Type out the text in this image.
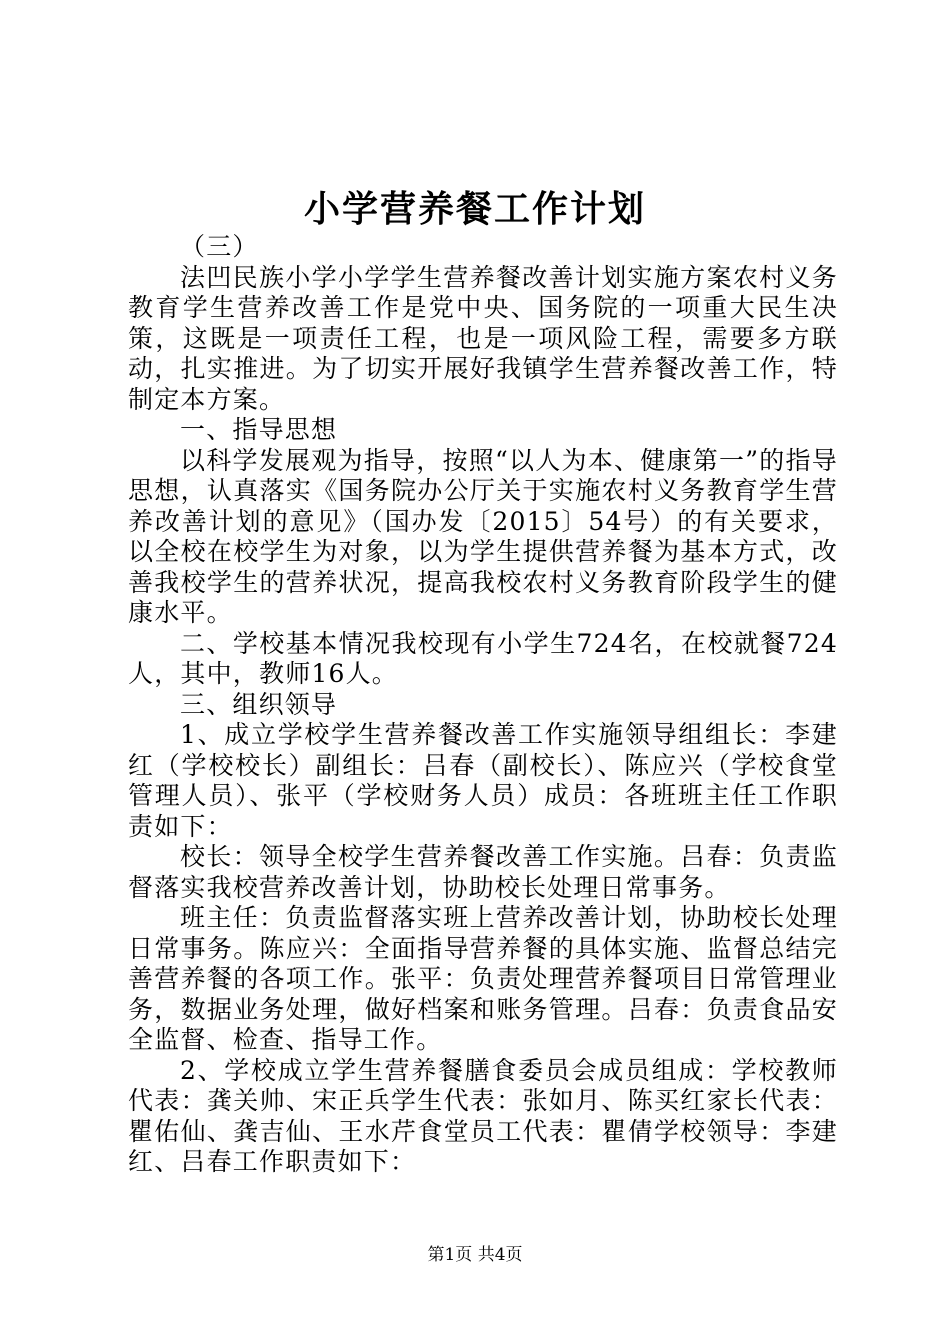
小学营养餐工作计划

（三）

法凹民族小学小学学生营养餐改善计划实施方案农村义务教育学生营养改善工作是党中央、国务院的一项重大民生决策，这既是一项责任工程，也是一项风险工程，需要多方联动，扎实推进。为了切实开展好我镇学生营养餐改善工作，特制定本方案。

一、指导思想

以科学发展观为指导，按照“以人为本、健康第一”的指导思想，认真落实《国务院办公厅关于实施农村义务教育学生营养改善计划的意见》（国办发〔2015〕54号）的有关要求，以全校在校学生为对象，以为学生提供营养餐为基本方式，改善我校学生的营养状况，提高我校农村义务教育阶段学生的健康水平。

二、学校基本情况我校现有小学生724名，在校就餐724人，其中，教师16人。

三、组织领导

1、成立学校学生营养餐改善工作实施领导组组长：李建红（学校校长）副组长：吕春（副校长）、陈应兴（学校食堂管理人员）、张平（学校财务人员）成员：各班班主任工作职责如下：

校长：领导全校学生营养餐改善工作实施。吕春：负责监督落实我校营养改善计划，协助校长处理日常事务。

班主任：负责监督落实班上营养改善计划，协助校长处理日常事务。陈应兴：全面指导营养餐的具体实施、监督总结完善营养餐的各项工作。张平：负责处理营养餐项目日常管理业务，数据业务处理，做好档案和账务管理。吕春：负责食品安全监督、检查、指导工作。

2、学校成立学生营养餐膳食委员会成员组成：学校教师代表：龚关帅、宋正兵学生代表：张如月、陈买红家长代表：瞿佑仙、龚吉仙、王水芹食堂员工代表：瞿倩学校领导：李建红、吕春工作职责如下：

第1页 共4页
